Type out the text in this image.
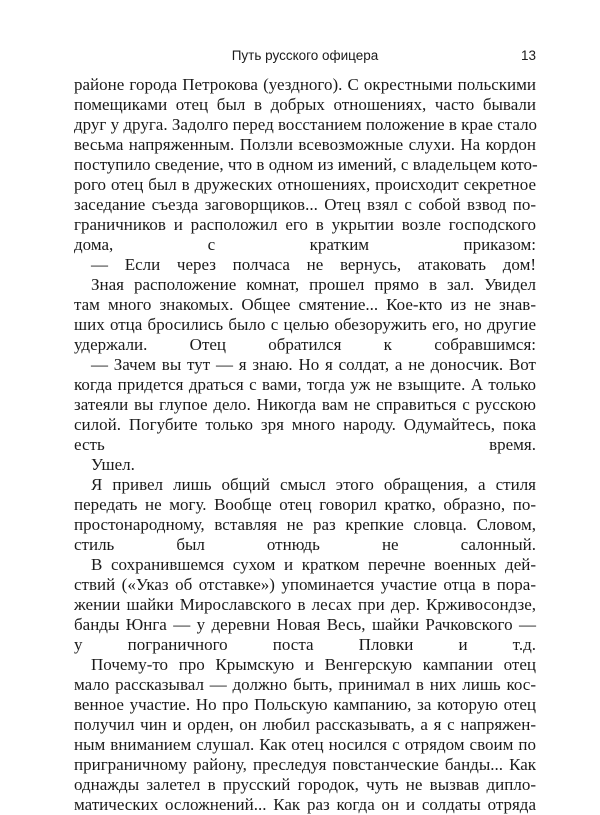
Путь русского офицера	13
районе города Петрокова (уездного). С окрестными польскими
помещиками отец был в добрых отношениях, часто бывали
друг у друга. Задолго перед восстанием положение в крае стало
весьма напряженным. Ползли всевозможные слухи. На кордон
поступило сведение, что в одном из имений, с владельцем кото-
рого отец был в дружеских отношениях, происходит секретное
заседание съезда заговорщиков... Отец взял с собой взвод по-
граничников и расположил его в укрытии возле господского
дома, с кратким приказом:
— Если через полчаса не вернусь, атаковать дом!
Зная расположение комнат, прошел прямо в зал. Увидел
там много знакомых. Общее смятение... Кое-кто из не знав-
ших отца бросились было с целью обезоружить его, но другие
удержали. Отец обратился к собравшимся:
— Зачем вы тут — я знаю. Но я солдат, а не доносчик. Вот
когда придется драться с вами, тогда уж не взыщите. А только
затеяли вы глупое дело. Никогда вам не справиться с русскою
силой. Погубите только зря много народу. Одумайтесь, пока
есть время.
Ушел.
Я привел лишь общий смысл этого обращения, а стиля
передать не могу. Вообще отец говорил кратко, образно, по-
простонародному, вставляя не раз крепкие словца. Словом,
стиль был отнюдь не салонный.
В сохранившемся сухом и кратком перечне военных дей-
ствий («Указ об отставке») упоминается участие отца в пора-
жении шайки Мирославского в лесах при дер. Крживосондзе,
банды Юнга — у деревни Новая Весь, шайки Рачковского —
у пограничного поста Пловки и т.д.
Почему-то про Крымскую и Венгерскую кампании отец
мало рассказывал — должно быть, принимал в них лишь кос-
венное участие. Но про Польскую кампанию, за которую отец
получил чин и орден, он любил рассказывать, а я с напряжен-
ным вниманием слушал. Как отец носился с отрядом своим по
приграничному району, преследуя повстанческие банды... Как
однажды залетел в прусский городок, чуть не вызвав дипло-
матических осложнений... Как раз когда он и солдаты отряда
